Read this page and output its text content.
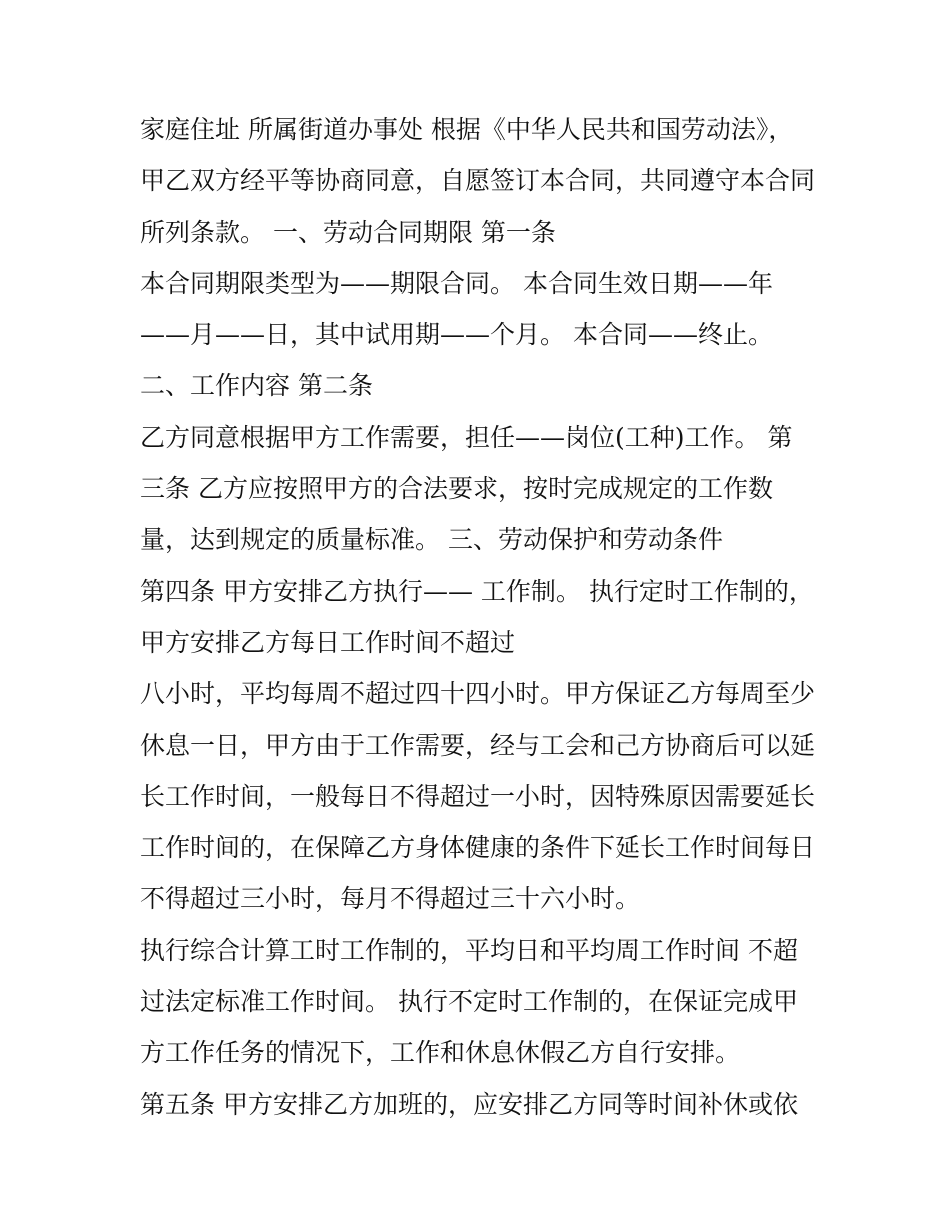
家庭住址 所属街道办事处 根据《中华人民共和国劳动法》，
甲乙双方经平等协商同意，自愿签订本合同，共同遵守本合同
所列条款。 一、劳动合同期限 第一条
本合同期限类型为——期限合同。 本合同生效日期——年
——月——日，其中试用期——个月。 本合同——终止。
二、工作内容 第二条
乙方同意根据甲方工作需要，担任——岗位(工种)工作。 第
三条 乙方应按照甲方的合法要求，按时完成规定的工作数
量，达到规定的质量标准。 三、劳动保护和劳动条件
第四条 甲方安排乙方执行—— 工作制。 执行定时工作制的，
甲方安排乙方每日工作时间不超过
八小时，平均每周不超过四十四小时。甲方保证乙方每周至少
休息一日，甲方由于工作需要，经与工会和己方协商后可以延
长工作时间，一般每日不得超过一小时，因特殊原因需要延长
工作时间的，在保障乙方身体健康的条件下延长工作时间每日
不得超过三小时，每月不得超过三十六小时。
执行综合计算工时工作制的，平均日和平均周工作时间 不超
过法定标准工作时间。 执行不定时工作制的，在保证完成甲
方工作任务的情况下，工作和休息休假乙方自行安排。
第五条 甲方安排乙方加班的，应安排乙方同等时间补休或依
